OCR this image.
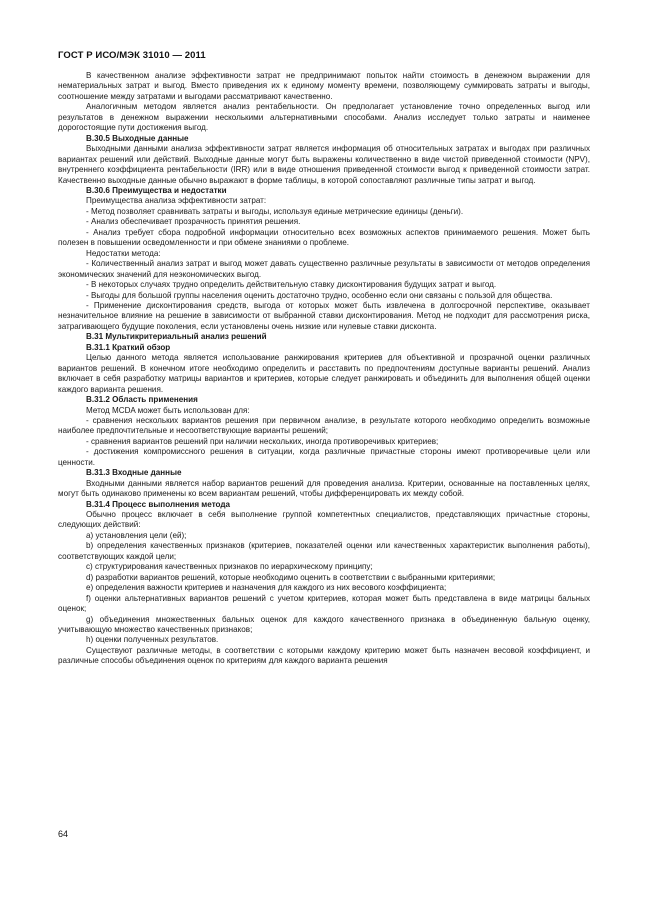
ГОСТ Р ИСО/МЭК 31010 — 2011

В качественном анализе эффективности затрат не предпринимают попыток найти стоимость в денежном выражении для нематериальных затрат и выгод. Вместо приведения их к единому моменту времени, позволяющему суммировать затраты и выгоды, соотношение между затратами и выгодами рассматривают качественно.

Аналогичным методом является анализ рентабельности. Он предполагает установление точно определенных выгод или результатов в денежном выражении несколькими альтернативными способами. Анализ исследует только затраты и наименее дорогостоящие пути достижения выгод.

В.30.5 Выходные данные

Выходными данными анализа эффективности затрат является информация об относительных затратах и выгодах при различных вариантах решений или действий. Выходные данные могут быть выражены количественно в виде чистой приведенной стоимости (NPV), внутреннего коэффициента рентабельности (IRR) или в виде отношения приведенной стоимости выгод к приведенной стоимости затрат. Качественно выходные данные обычно выражают в форме таблицы, в которой сопоставляют различные типы затрат и выгод.

В.30.6 Преимущества и недостатки

Преимущества анализа эффективности затрат:

- Метод позволяет сравнивать затраты и выгоды, используя единые метрические единицы (деньги).

- Анализ обеспечивает прозрачность принятия решения.

- Анализ требует сбора подробной информации относительно всех возможных аспектов принимаемого решения. Может быть полезен в повышении осведомленности и при обмене знаниями о проблеме.

Недостатки метода:

- Количественный анализ затрат и выгод может давать существенно различные результаты в зависимости от методов определения экономических значений для неэкономических выгод.

- В некоторых случаях трудно определить действительную ставку дисконтирования будущих затрат и выгод.

- Выгоды для большой группы населения оценить достаточно трудно, особенно если они связаны с пользой для общества.

- Применение дисконтирования средств, выгода от которых может быть извлечена в долгосрочной перспективе, оказывает незначительное влияние на решение в зависимости от выбранной ставки дисконтирования. Метод не подходит для рассмотрения риска, затрагивающего будущие поколения, если установлены очень низкие или нулевые ставки дисконта.

В.31 Мультикритериальный анализ решений

В.31.1 Краткий обзор

Целью данного метода является использование ранжирования критериев для объективной и прозрачной оценки различных вариантов решений. В конечном итоге необходимо определить и расставить по предпочтениям доступные варианты решений. Анализ включает в себя разработку матрицы вариантов и критериев, которые следует ранжировать и объединить для выполнения общей оценки каждого варианта решения.

В.31.2 Область применения

Метод MCDA может быть использован для:

- сравнения нескольких вариантов решения при первичном анализе, в результате которого необходимо определить возможные наиболее предпочтительные и несоответствующие варианты решений;

- сравнения вариантов решений при наличии нескольких, иногда противоречивых критериев;

- достижения компромиссного решения в ситуации, когда различные причастные стороны имеют противоречивые цели или ценности.

В.31.3 Входные данные

Входными данными является набор вариантов решений для проведения анализа. Критерии, основанные на поставленных целях, могут быть одинаково применены ко всем вариантам решений, чтобы дифференцировать их между собой.

В.31.4 Процесс выполнения метода

Обычно процесс включает в себя выполнение группой компетентных специалистов, представляющих причастные стороны, следующих действий:

a) установления цели (ей);

b) определения качественных признаков (критериев, показателей оценки или качественных характеристик выполнения работы), соответствующих каждой цели;

c) структурирования качественных признаков по иерархическому принципу;

d) разработки вариантов решений, которые необходимо оценить в соответствии с выбранными критериями;

e) определения важности критериев и назначения для каждого из них весового коэффициента;

f) оценки альтернативных вариантов решений с учетом критериев, которая может быть представлена в виде матрицы бальных оценок;

g) объединения множественных бальных оценок для каждого качественного признака в объединенную бальную оценку, учитывающую множество качественных признаков;

h) оценки полученных результатов.

Существуют различные методы, в соответствии с которыми каждому критерию может быть назначен весовой коэффициент, и различные способы объединения оценок по критериям для каждого варианта решения

64
